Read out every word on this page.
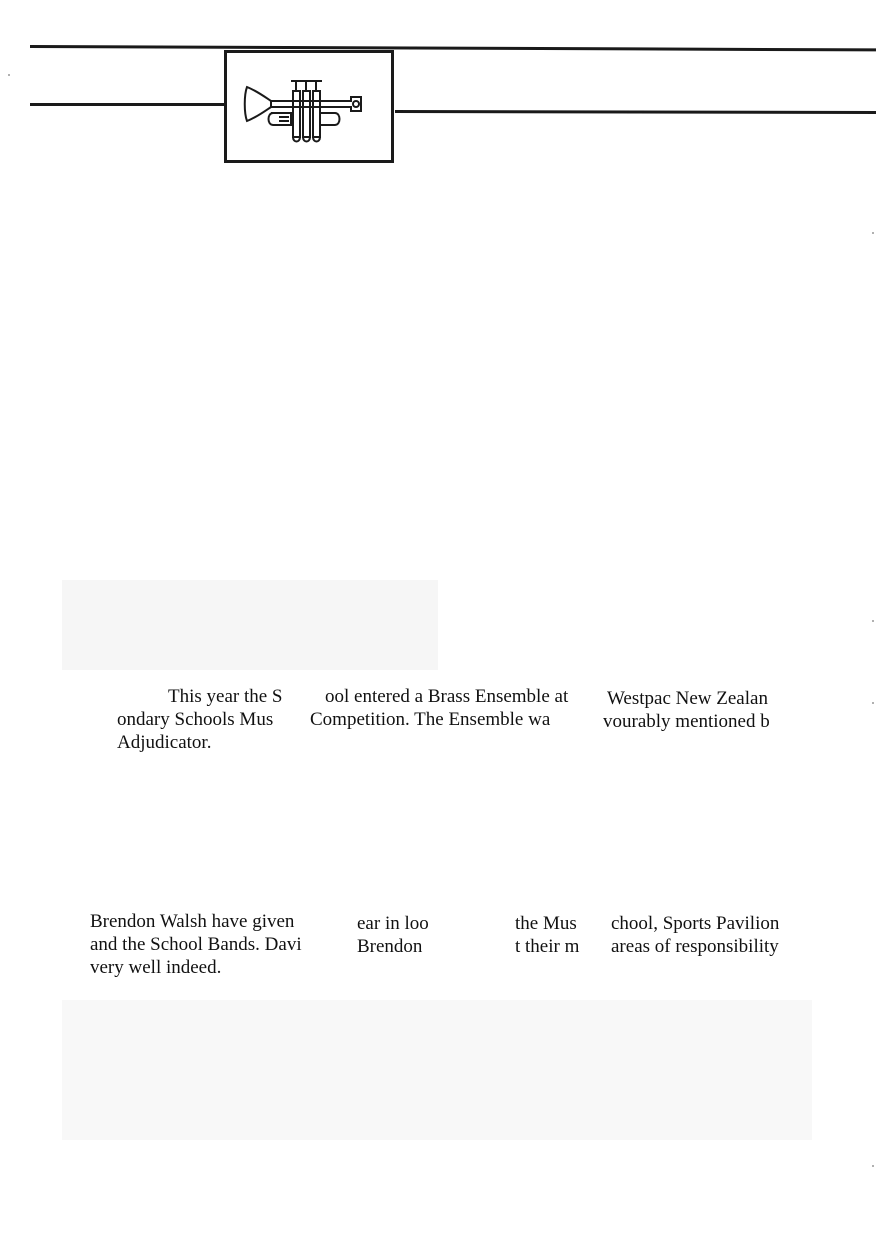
This year the S
ondary Schools Mus
Adjudicator.
ool entered a Brass Ensemble at
Competition. The Ensemble wa
Westpac New Zealan
vourably mentioned b
Brendon Walsh have given
and the School Bands. Davi
very well indeed.
ear in loo
Brendon
the Mus
t their m
chool, Sports Pavilion
areas of responsibility
